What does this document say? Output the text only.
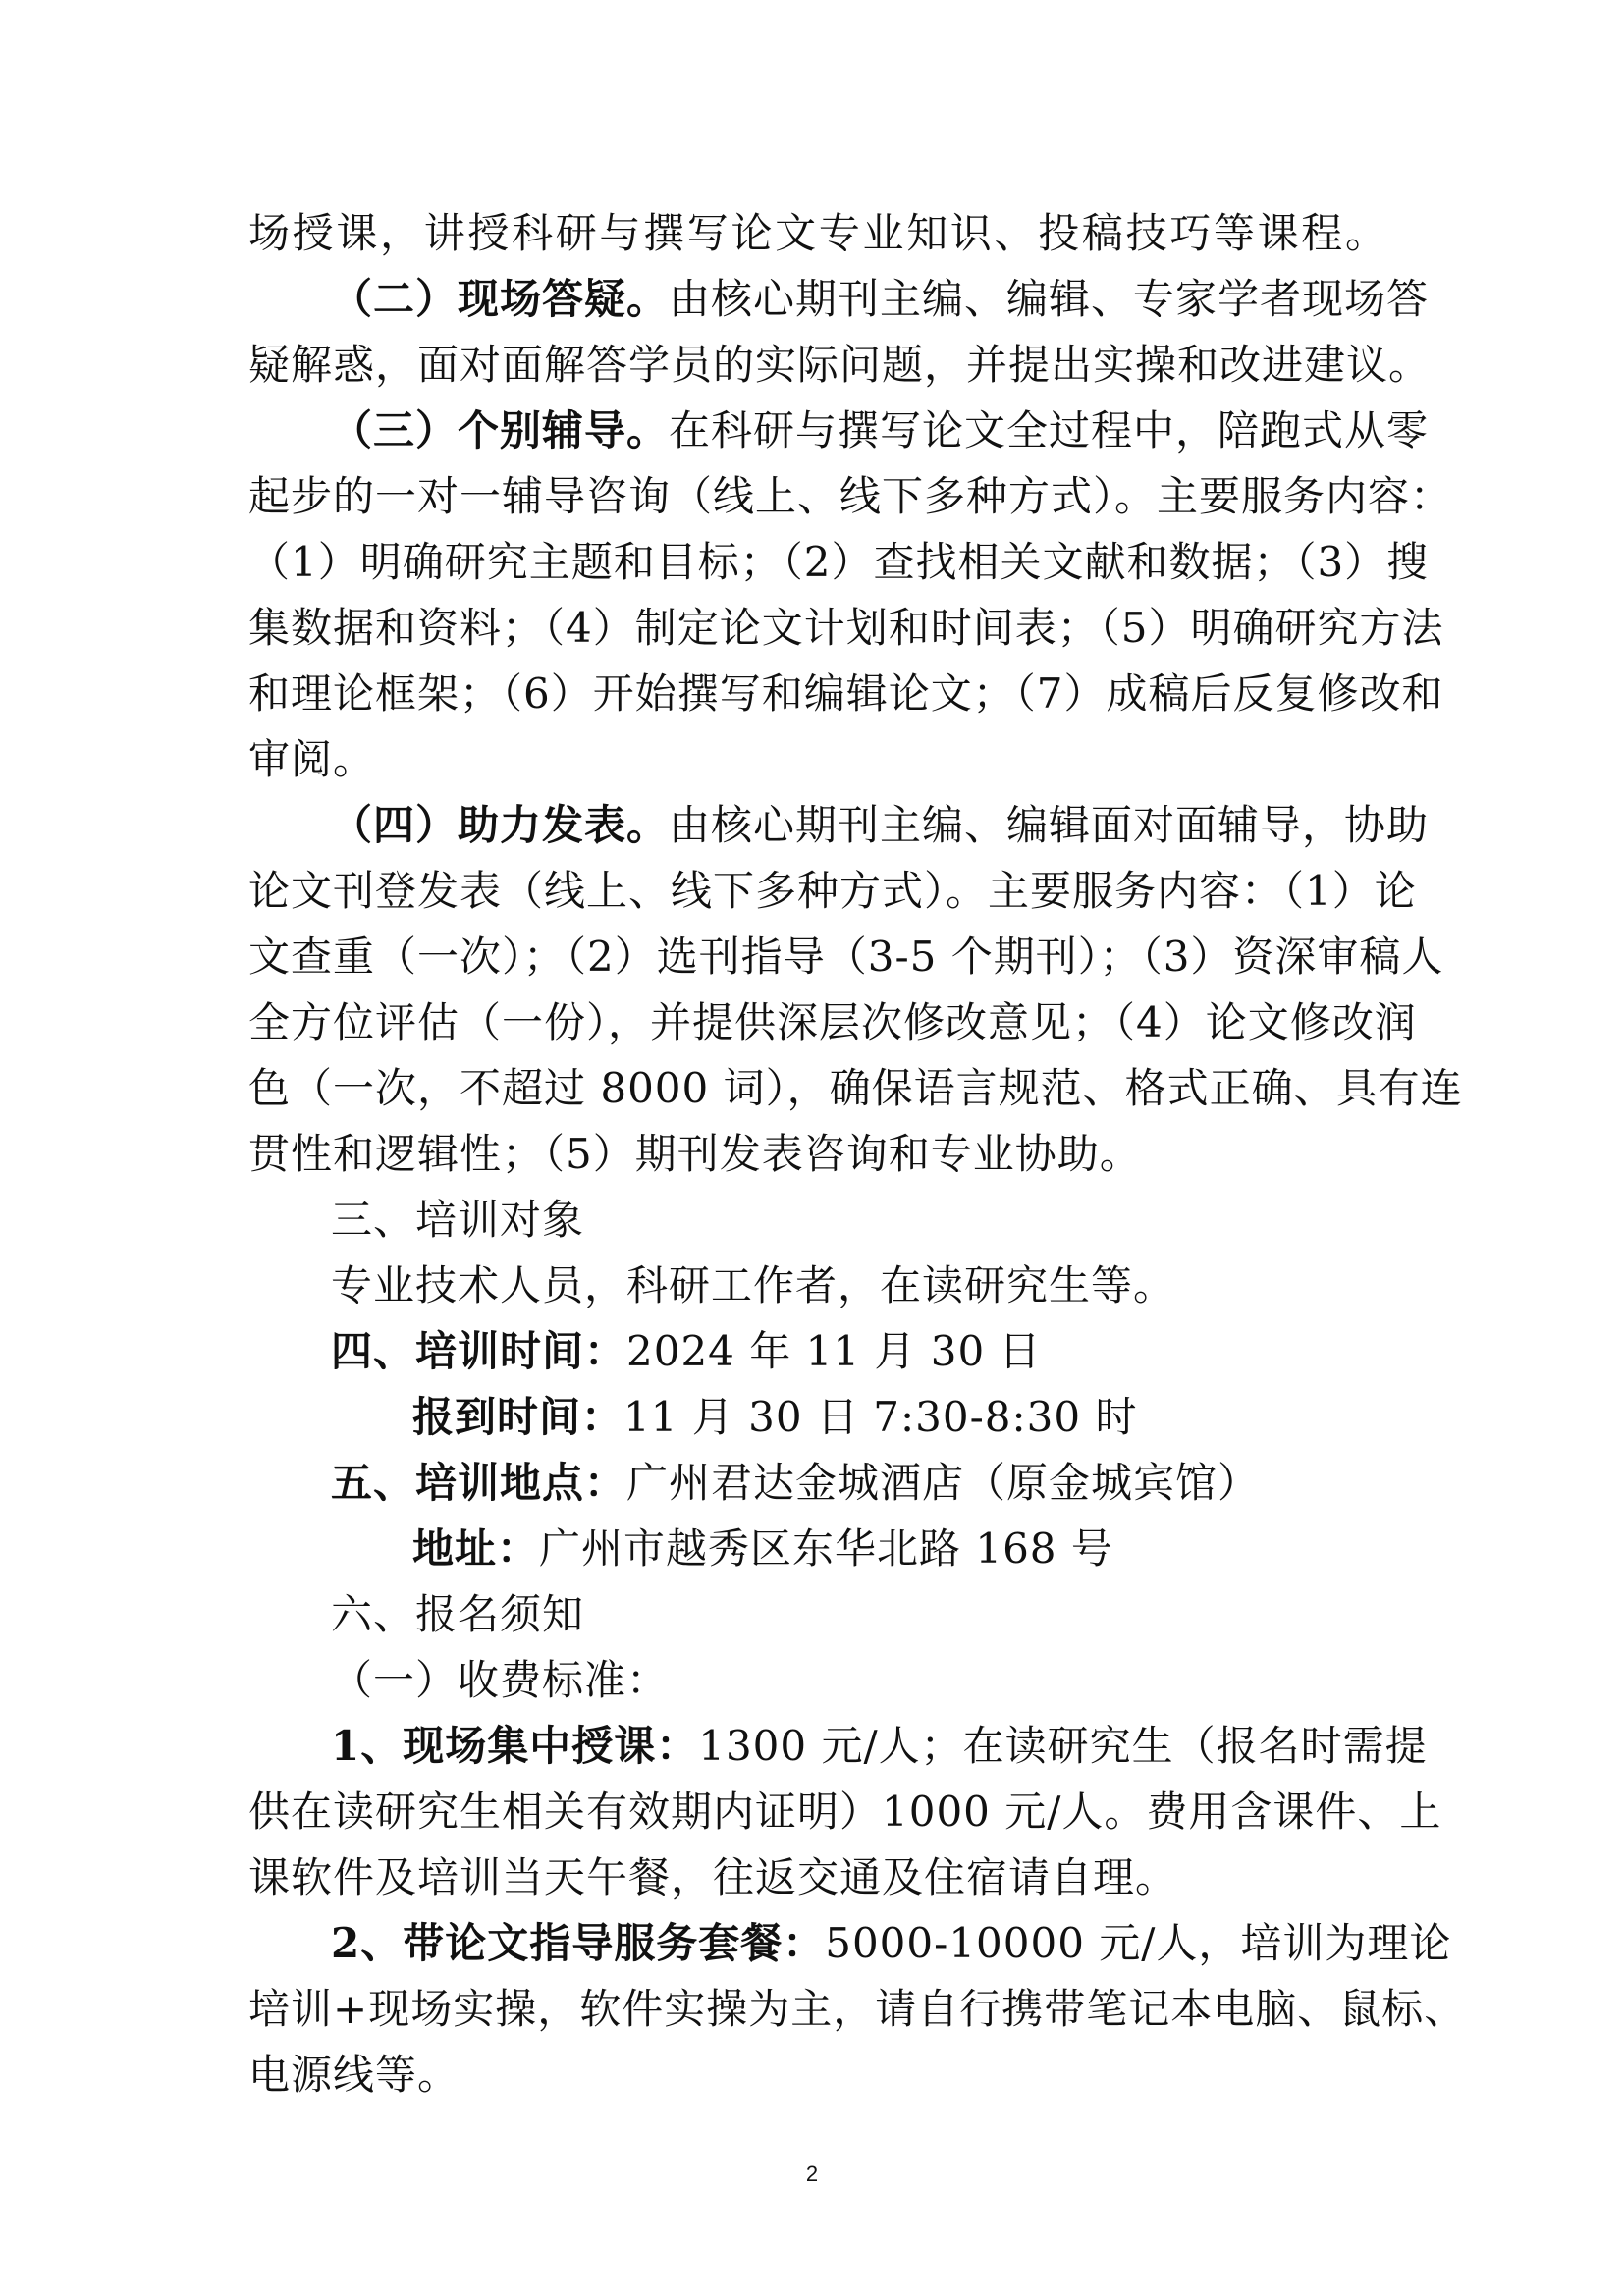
场授课，讲授科研与撰写论文专业知识、投稿技巧等课程。
（二）现场答疑。由核心期刊主编、编辑、专家学者现场答
疑解惑，面对面解答学员的实际问题，并提出实操和改进建议。
（三）个别辅导。在科研与撰写论文全过程中，陪跑式从零
起步的一对一辅导咨询（线上、线下多种方式）。主要服务内容：
（1）明确研究主题和目标；（2）查找相关文献和数据；（3）搜
集数据和资料；（4）制定论文计划和时间表；（5）明确研究方法
和理论框架；（6）开始撰写和编辑论文；（7）成稿后反复修改和
审阅。
（四）助力发表。由核心期刊主编、编辑面对面辅导，协助
论文刊登发表（线上、线下多种方式）。主要服务内容：（1）论
文查重（一次）；（2）选刊指导（3-5 个期刊）；（3）资深审稿人
全方位评估（一份），并提供深层次修改意见；（4）论文修改润
色（一次，不超过 8000 词），确保语言规范、格式正确、具有连
贯性和逻辑性；（5）期刊发表咨询和专业协助。
三、培训对象
专业技术人员，科研工作者，在读研究生等。
四、培训时间：2024 年 11 月 30 日
报到时间：11 月 30 日 7:30-8:30 时
五、培训地点：广州君达金城酒店（原金城宾馆）
地址：广州市越秀区东华北路 168 号
六、报名须知
（一）收费标准：
1、现场集中授课：1300 元/人；在读研究生（报名时需提
供在读研究生相关有效期内证明）1000 元/人。费用含课件、上
课软件及培训当天午餐，往返交通及住宿请自理。
2、带论文指导服务套餐：5000-10000 元/人，培训为理论
培训+现场实操，软件实操为主，请自行携带笔记本电脑、鼠标、
电源线等。
2
